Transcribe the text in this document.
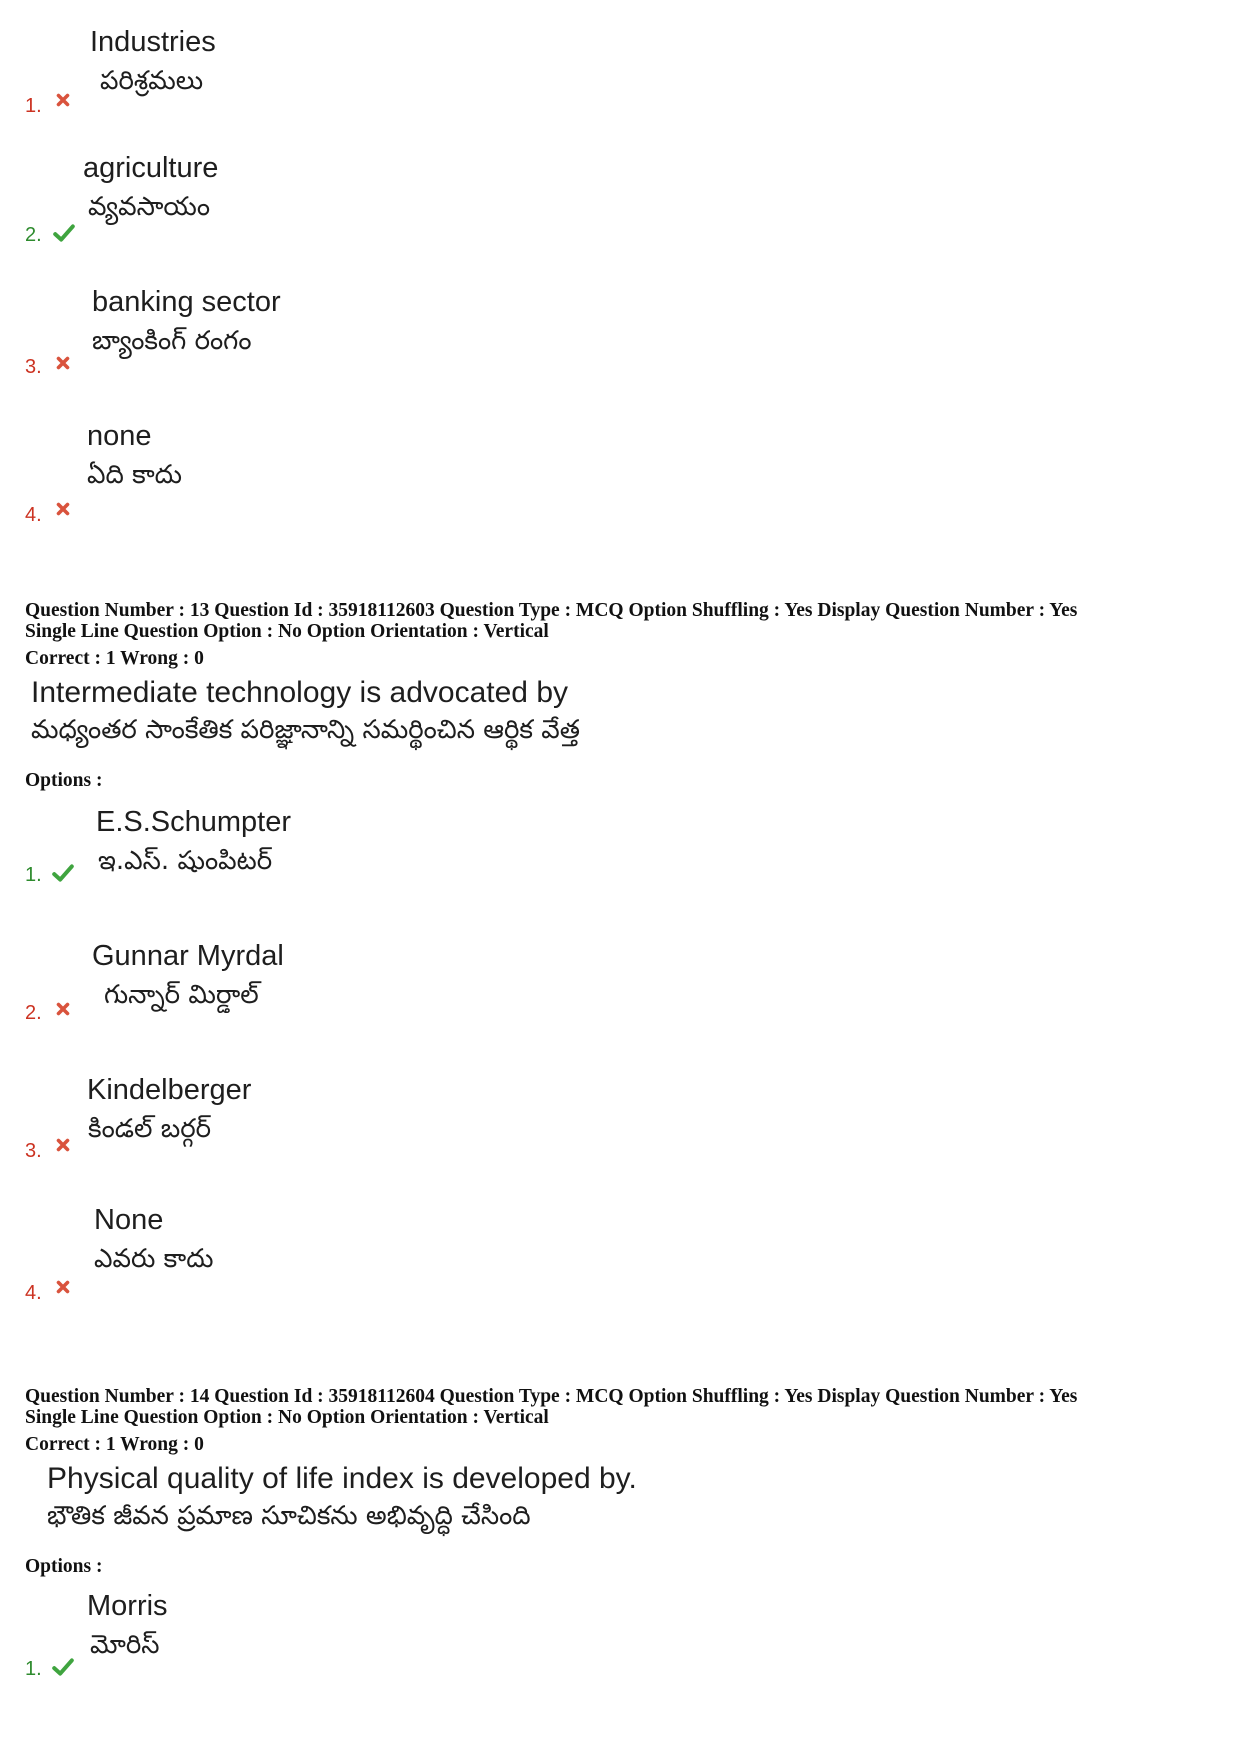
Industries
పరిశ్రమలు
1.
agriculture
వ్యవసాయం
2.
banking sector
బ్యాంకింగ్ రంగం
3.
none
ఏది కాదు
4.
Question Number : 13 Question Id : 35918112603 Question Type : MCQ Option Shuffling : Yes Display Question Number : Yes
Single Line Question Option : No Option Orientation : Vertical
Correct : 1 Wrong : 0
Intermediate technology is advocated by
మధ్యంతర సాంకేతిక పరిజ్ఞానాన్ని సమర్థించిన ఆర్థిక వేత్త
Options :
E.S.Schumpter
ఇ.ఎస్. షుంపిటర్
1.
Gunnar Myrdal
గున్నార్ మిర్డాల్
2.
Kindelberger
కిండల్ బర్గర్
3.
None
ఎవరు కాదు
4.
Question Number : 14 Question Id : 35918112604 Question Type : MCQ Option Shuffling : Yes Display Question Number : Yes
Single Line Question Option : No Option Orientation : Vertical
Correct : 1 Wrong : 0
Physical quality of life index is developed by.
భౌతిక జీవన ప్రమాణ సూచికను అభివృద్ధి చేసింది
Options :
Morris
మోరిస్
1.
